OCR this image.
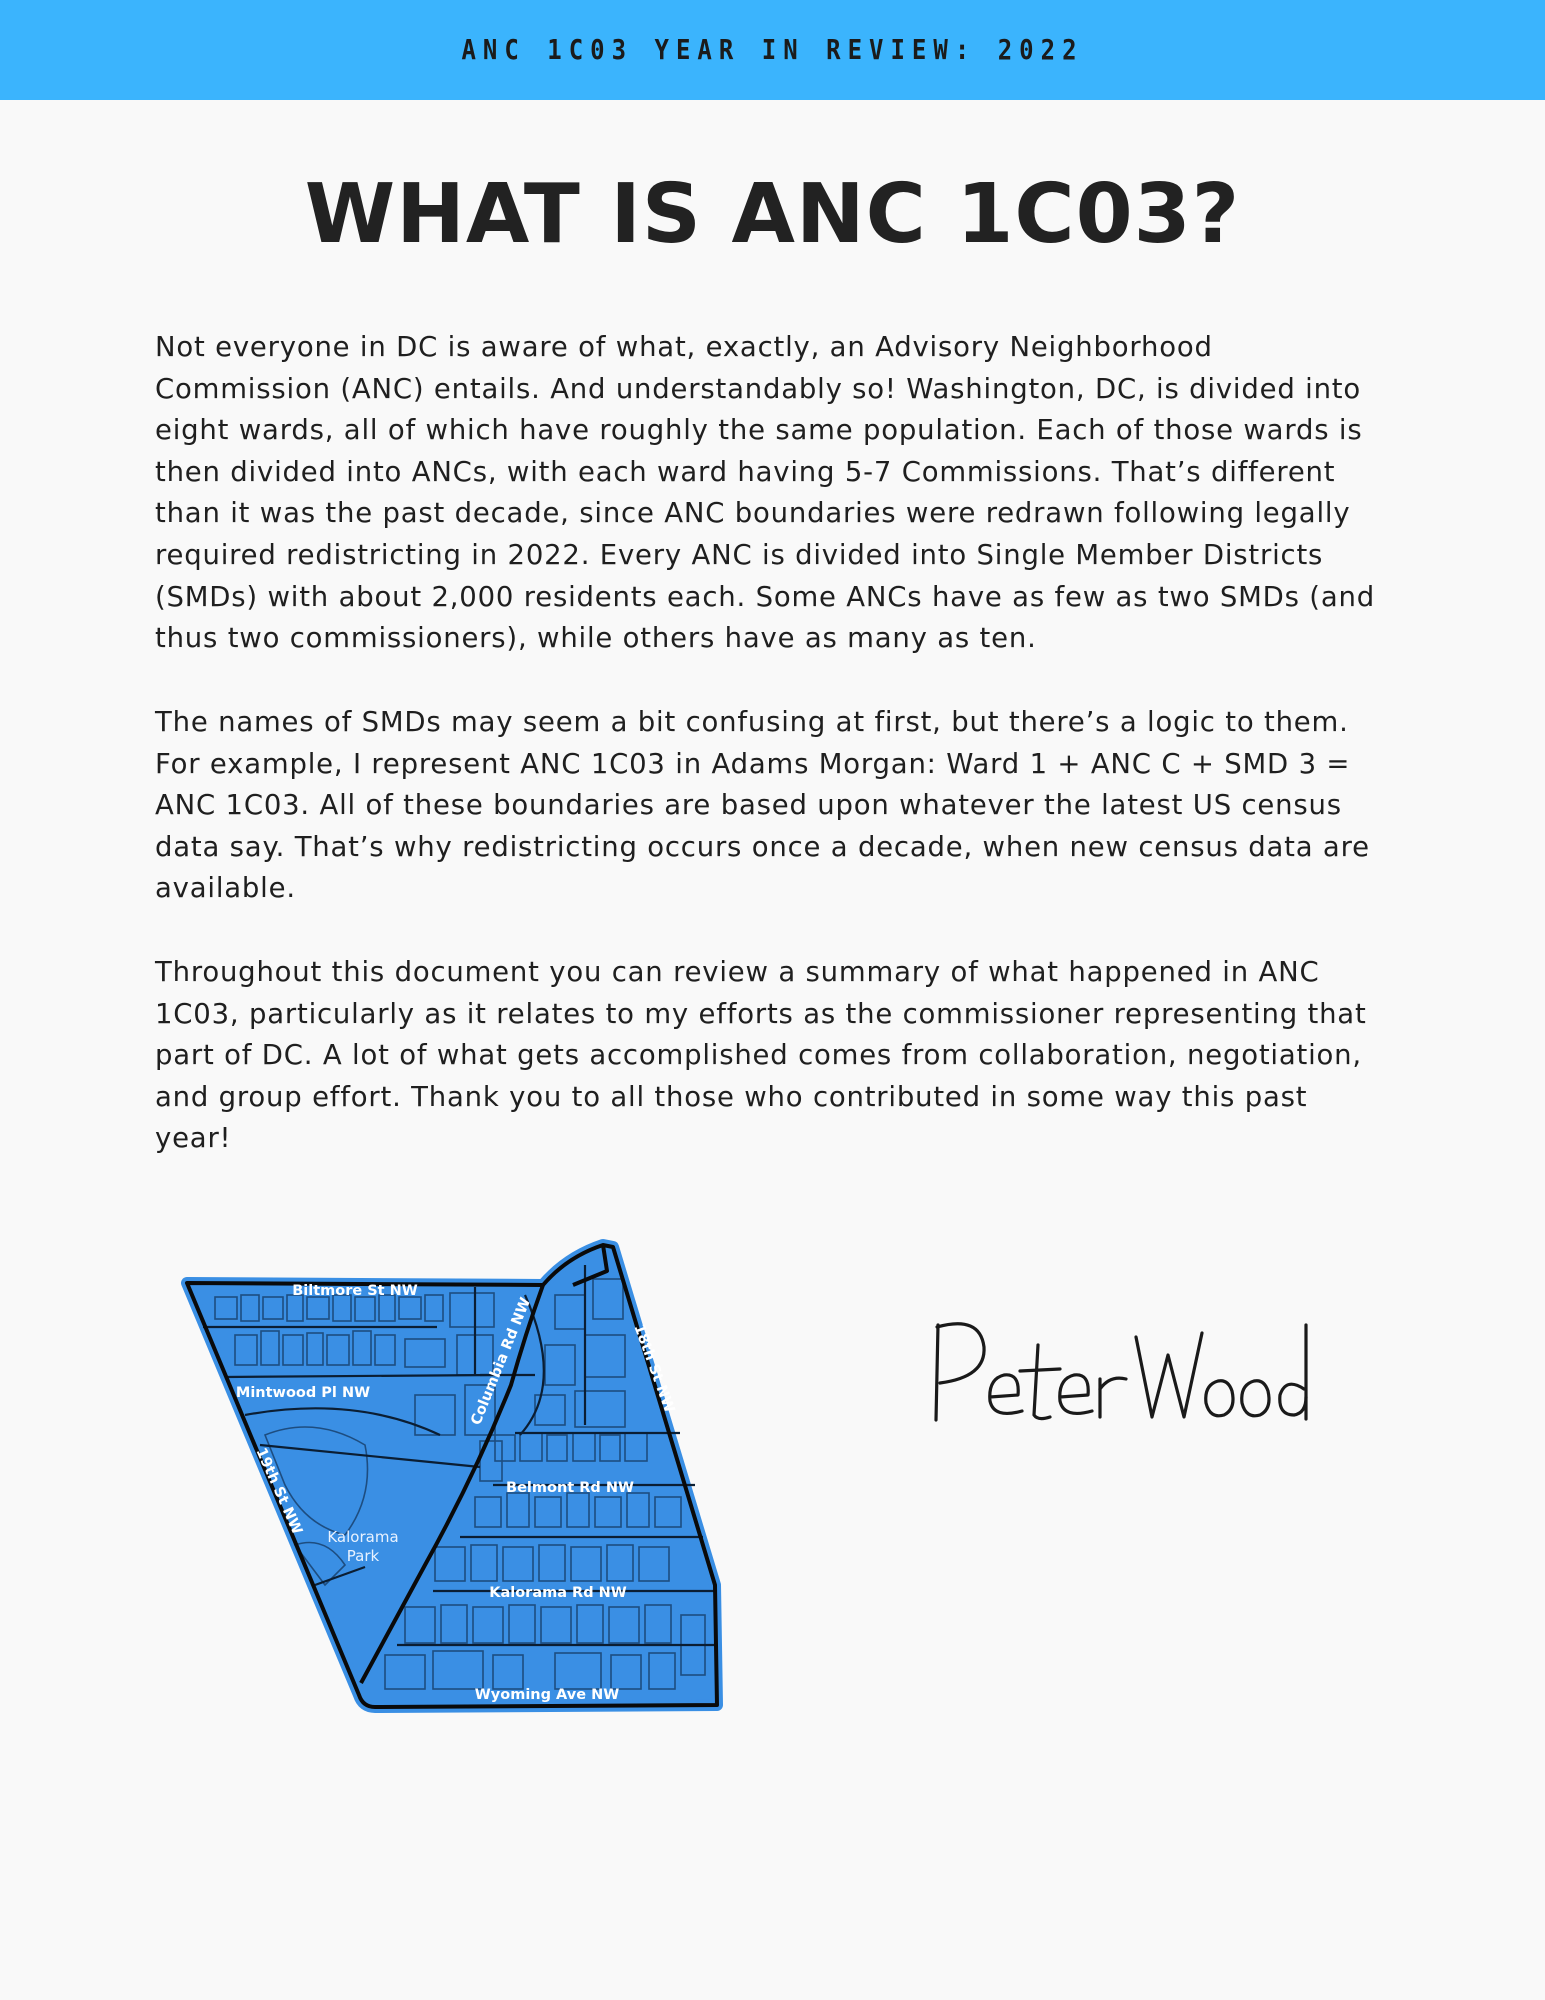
ANC 1C03 YEAR IN REVIEW: 2022
WHAT IS ANC 1C03?

Not everyone in DC is aware of what, exactly, an Advisory Neighborhood
Commission (ANC) entails. And understandably so! Washington, DC, is divided into
eight wards, all of which have roughly the same population. Each of those wards is
then divided into ANCs, with each ward having 5-7 Commissions. That’s different
than it was the past decade, since ANC boundaries were redrawn following legally
required redistricting in 2022. Every ANC is divided into Single Member Districts
(SMDs) with about 2,000 residents each. Some ANCs have as few as two SMDs (and
thus two commissioners), while others have as many as ten.

The names of SMDs may seem a bit confusing at first, but there’s a logic to them.
For example, I represent ANC 1C03 in Adams Morgan: Ward 1 + ANC C + SMD 3 =
ANC 1C03. All of these boundaries are based upon whatever the latest US census
data say. That’s why redistricting occurs once a decade, when new census data are
available.

Throughout this document you can review a summary of what happened in ANC
1C03, particularly as it relates to my efforts as the commissioner representing that
part of DC. A lot of what gets accomplished comes from collaboration, negotiation,
and group effort. Thank you to all those who contributed in some way this past
year!

Biltmore St NW
Mintwood Pl NW
19th St NW
Columbia Rd NW	18th St NW
Belmont Rd NW
Kalorama Rd NW
Wyoming Ave NW
Kalorama
Park
